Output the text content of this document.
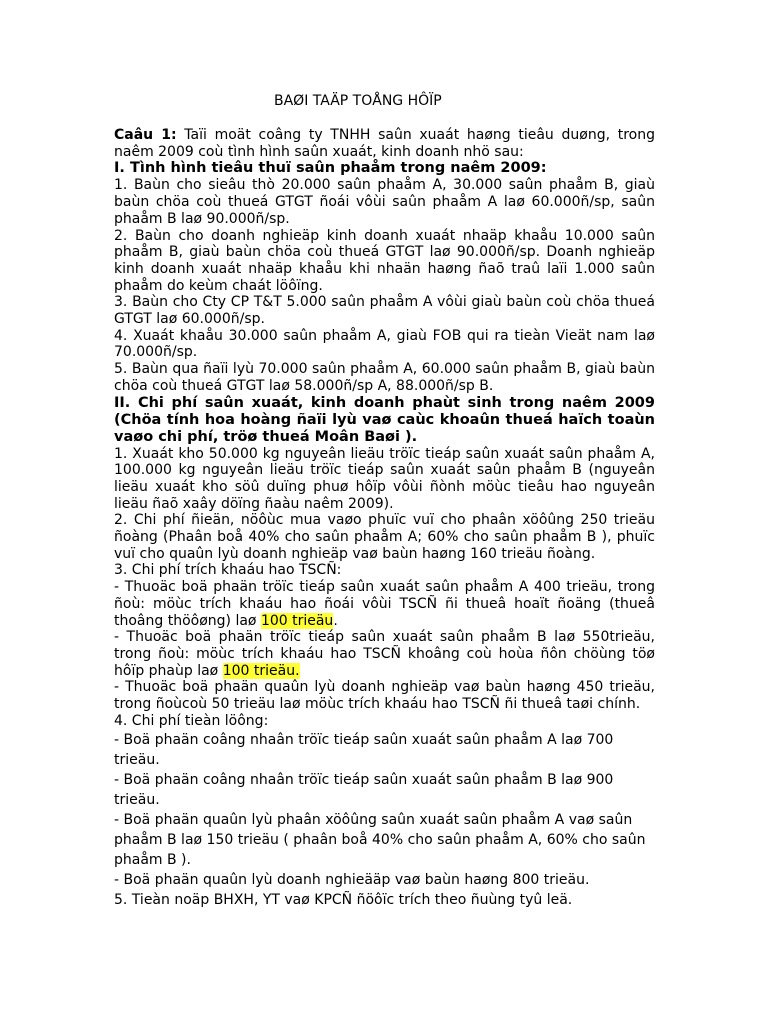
BAØI TAÄP TOÅNG HÔÏP

Caâu 1: Taïi moät coâng ty TNHH saûn xuaát haøng tieâu duøng, trong naêm 2009 coù tình hình saûn xuaát, kinh doanh nhö sau:

I. Tình hình tieâu thuï saûn phaåm trong naêm 2009:

1. Baùn cho sieâu thò 20.000 saûn phaåm A, 30.000 saûn phaåm B, giaù baùn chöa coù thueá GTGT ñoái vôùi saûn phaåm A laø 60.000ñ/sp, saûn phaåm B laø 90.000ñ/sp.

2. Baùn cho doanh nghieäp kinh doanh xuaát nhaäp khaåu 10.000 saûn phaåm B, giaù baùn chöa coù thueá GTGT laø 90.000ñ/sp. Doanh nghieäp kinh doanh xuaát nhaäp khaåu khi nhaän haøng ñaõ traû laïi 1.000 saûn phaåm do keùm chaát löôïng.

3. Baùn cho Cty CP T&T 5.000 saûn phaåm A vôùi giaù baùn coù chöa thueá GTGT laø 60.000ñ/sp.

4. Xuaát khaåu 30.000 saûn phaåm A, giaù FOB qui ra tieàn Vieät nam laø 70.000ñ/sp.

5. Baùn qua ñaïi lyù 70.000 saûn phaåm A, 60.000 saûn phaåm B, giaù baùn chöa coù thueá GTGT laø 58.000ñ/sp A, 88.000ñ/sp B.

II. Chi phí saûn xuaát, kinh doanh phaùt sinh trong naêm 2009 (Chöa tính hoa hoàng ñaïi lyù vaø caùc khoaûn thueá haïch toaùn vaøo chi phí, tröø thueá Moân Baøi ).

1. Xuaát kho 50.000 kg nguyeân lieäu tröïc tieáp saûn xuaát saûn phaåm A, 100.000 kg nguyeân lieäu tröïc tieáp saûn xuaát saûn phaåm B (nguyeân lieäu xuaát kho söû duïng phuø hôïp vôùi ñònh möùc tieâu hao nguyeân lieäu ñaõ xaây döïng ñaàu naêm 2009).

2. Chi phí ñieän, nöôùc mua vaøo phuïc vuï cho phaân xöôûng 250 trieäu ñoàng (Phaân boå 40% cho saûn phaåm A; 60% cho saûn phaåm B ), phuïc vuï cho quaûn lyù doanh nghieäp vaø baùn haøng 160 trieäu ñoàng.

3. Chi phí trích khaáu hao TSCÑ:

- Thuoäc boä phaän tröïc tieáp saûn xuaát saûn phaåm A 400 trieäu, trong ñoù: möùc trích khaáu hao ñoái vôùi TSCÑ ñi thueâ hoaït ñoäng (thueâ thoâng thöôøng) laø 100 trieäu.

- Thuoäc boä phaän tröïc tieáp saûn xuaát saûn phaåm B laø 550trieäu, trong ñoù: möùc trích khaáu hao TSCÑ khoâng coù hoùa ñôn chöùng töø hôïp phaùp laø 100 trieäu.

- Thuoäc boä phaän quaûn lyù doanh nghieäp vaø baùn haøng 450 trieäu, trong ñoùcoù 50 trieäu laø möùc trích khaáu hao TSCÑ ñi thueâ taøi chính.

4. Chi phí tieàn löông:

- Boä phaän coâng nhaân tröïc tieáp saûn xuaát saûn phaåm A laø 700 trieäu.

- Boä phaän coâng nhaân tröïc tieáp saûn xuaát saûn phaåm B laø 900 trieäu.

- Boä phaän quaûn lyù phaân xöôûng saûn xuaát saûn phaåm A vaø saûn phaåm B laø 150 trieäu ( phaân boå 40% cho saûn phaåm A, 60% cho saûn phaåm B ).

- Boä phaän quaûn lyù doanh nghieääp vaø baùn haøng 800 trieäu.

5. Tieàn noäp BHXH, YT vaø KPCÑ ñöôïc trích theo ñuùng tyû leä.
